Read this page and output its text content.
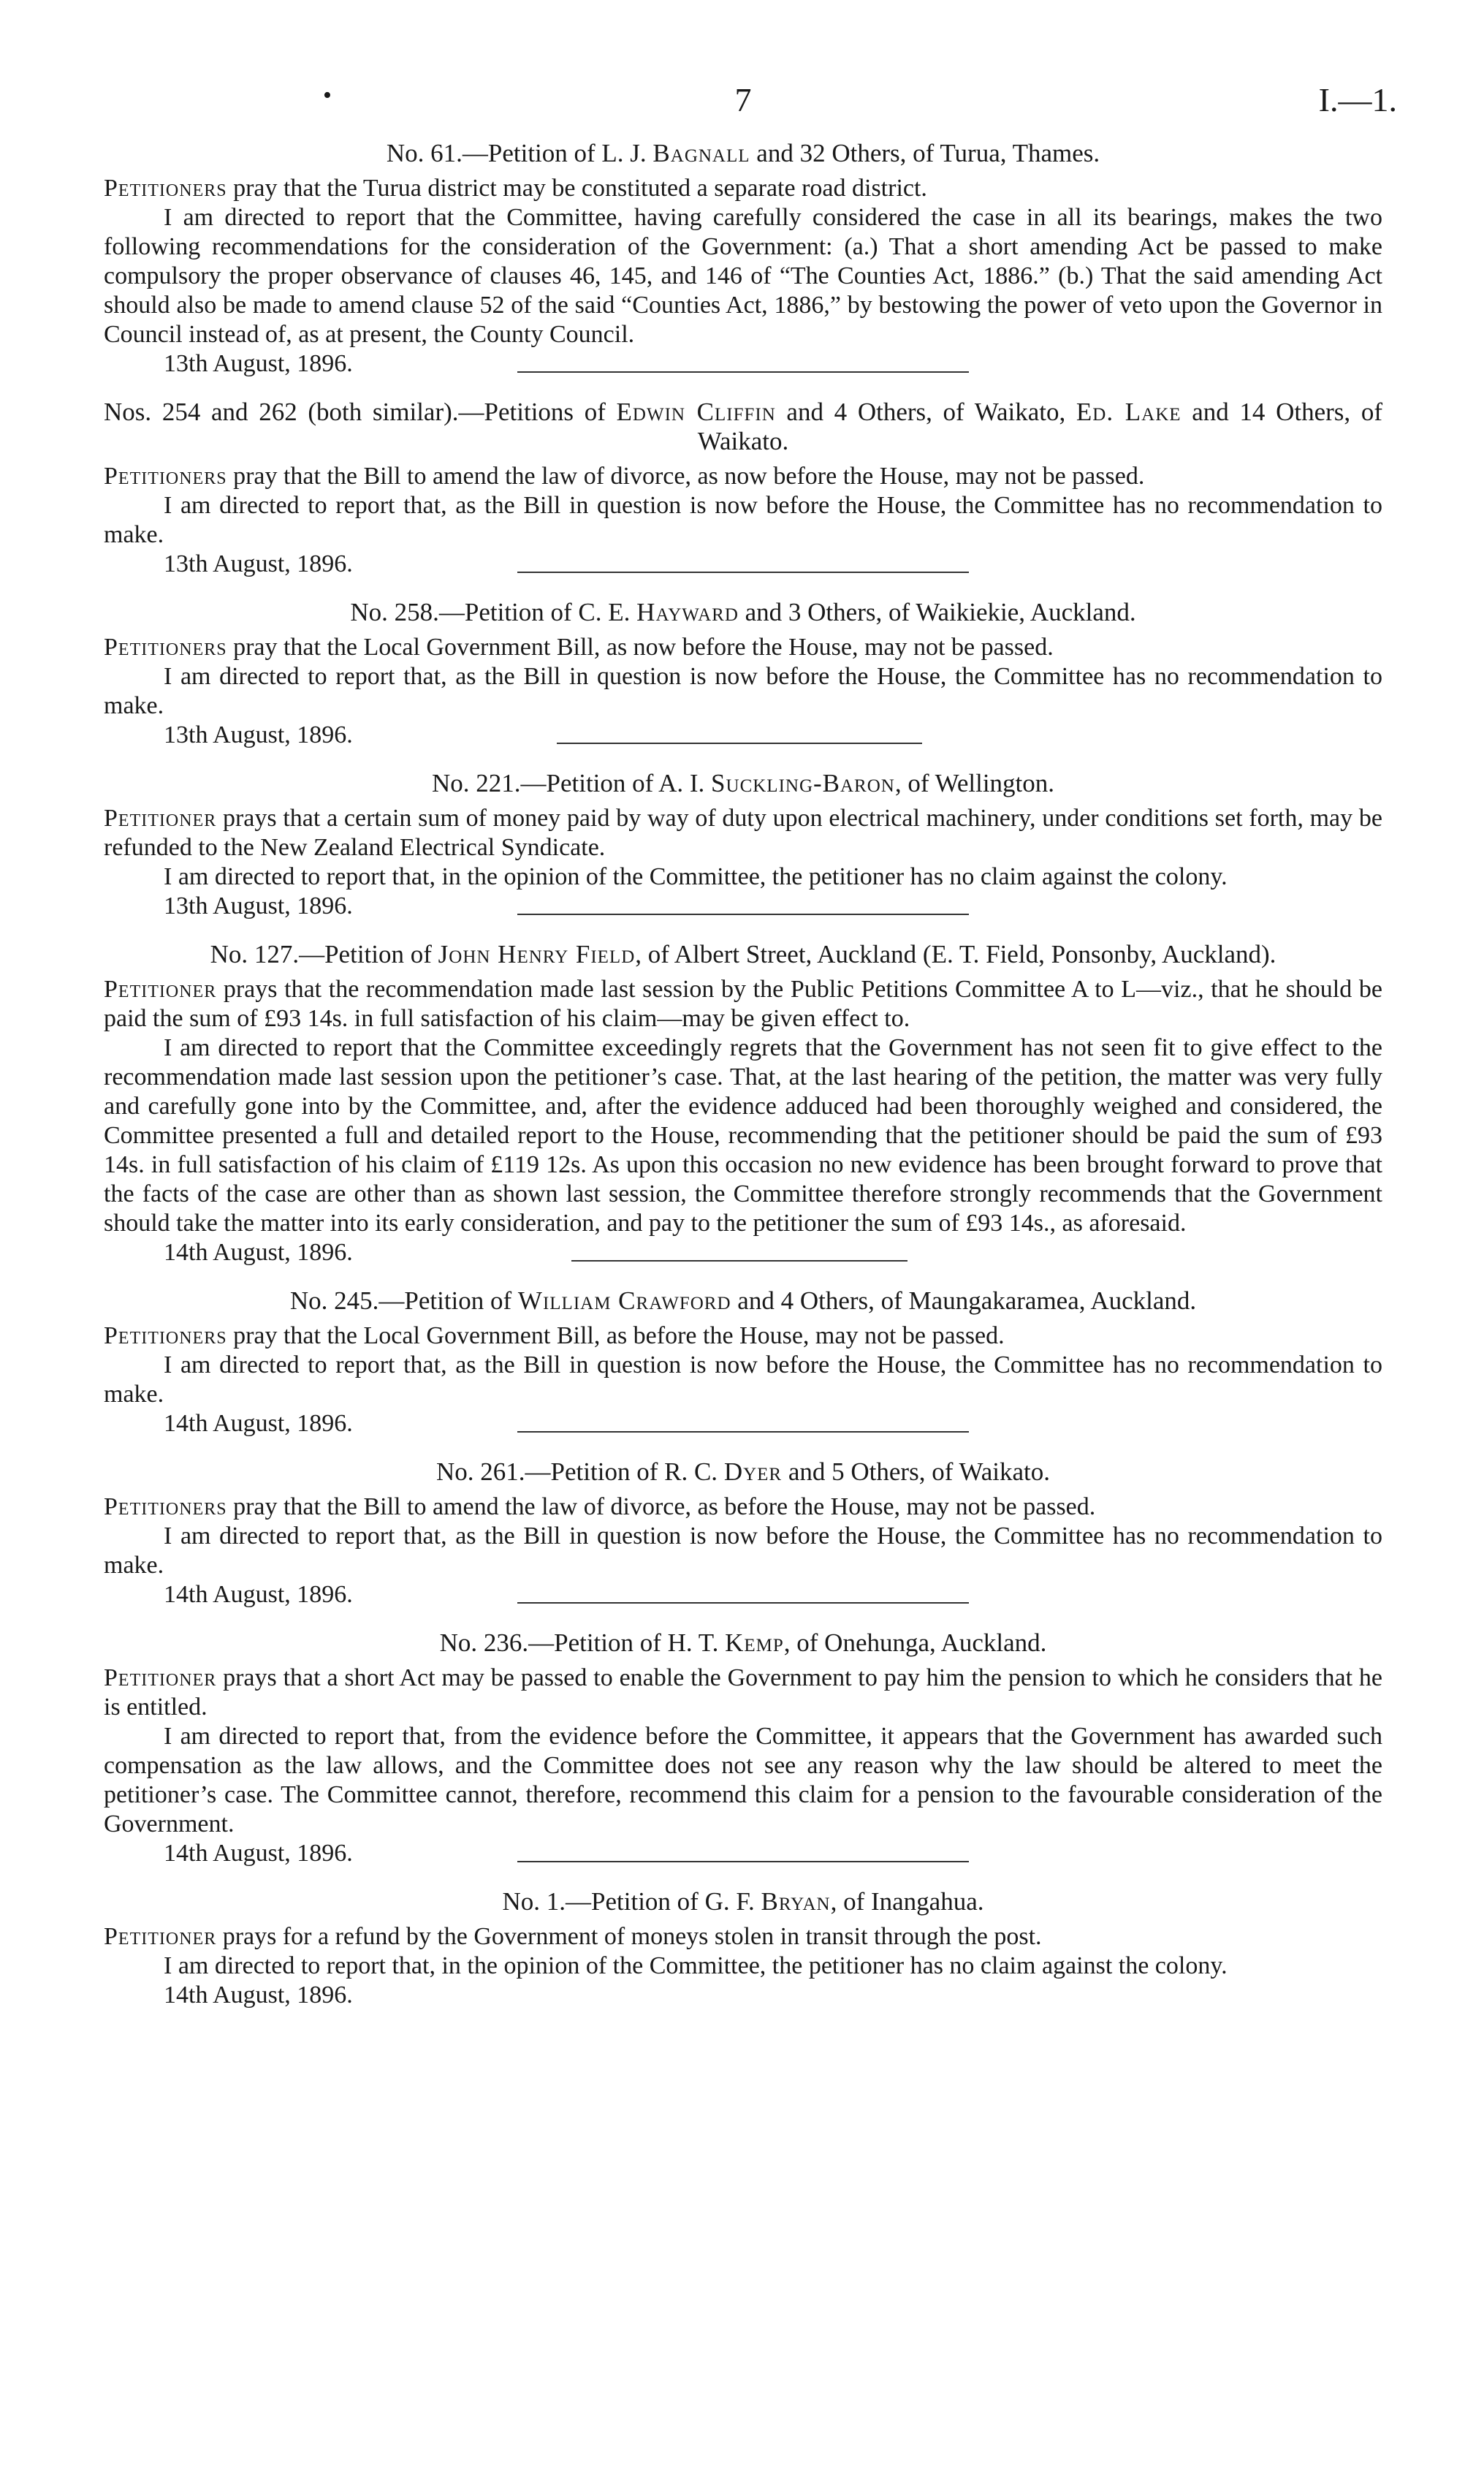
•	7	I.—1.
No. 61.—Petition of L. J. Bagnall and 32 Others, of Turua, Thames.

Petitioners pray that the Turua district may be constituted a separate road district.

I am directed to report that the Committee, having carefully considered the case in all its bearings, makes the two following recommendations for the consideration of the Government: (a.) That a short amending Act be passed to make compulsory the proper observance of clauses 46, 145, and 146 of “The Counties Act, 1886.” (b.) That the said amending Act should also be made to amend clause 52 of the said “Counties Act, 1886,” by bestowing the power of veto upon the Governor in Council instead of, as at present, the County Council.

13th August, 1896.
Nos. 254 and 262 (both similar).—Petitions of Edwin Cliffin and 4 Others, of Waikato, Ed. Lake and 14 Others, of Waikato.

Petitioners pray that the Bill to amend the law of divorce, as now before the House, may not be passed.

I am directed to report that, as the Bill in question is now before the House, the Committee has no recommendation to make.

13th August, 1896.
No. 258.—Petition of C. E. Hayward and 3 Others, of Waikiekie, Auckland.

Petitioners pray that the Local Government Bill, as now before the House, may not be passed.

I am directed to report that, as the Bill in question is now before the House, the Committee has no recommendation to make.

13th August, 1896.
No. 221.—Petition of A. I. Suckling-Baron, of Wellington.

Petitioner prays that a certain sum of money paid by way of duty upon electrical machinery, under conditions set forth, may be refunded to the New Zealand Electrical Syndicate.

I am directed to report that, in the opinion of the Committee, the petitioner has no claim against the colony.

13th August, 1896.
No. 127.—Petition of John Henry Field, of Albert Street, Auckland (E. T. Field, Ponsonby, Auckland).

Petitioner prays that the recommendation made last session by the Public Petitions Committee A to L—viz., that he should be paid the sum of £93 14s. in full satisfaction of his claim—may be given effect to.

I am directed to report that the Committee exceedingly regrets that the Government has not seen fit to give effect to the recommendation made last session upon the petitioner’s case. That, at the last hearing of the petition, the matter was very fully and carefully gone into by the Committee, and, after the evidence adduced had been thoroughly weighed and considered, the Committee presented a full and detailed report to the House, recommending that the petitioner should be paid the sum of £93 14s. in full satisfaction of his claim of £119 12s. As upon this occasion no new evidence has been brought forward to prove that the facts of the case are other than as shown last session, the Committee therefore strongly recommends that the Government should take the matter into its early consideration, and pay to the petitioner the sum of £93 14s., as aforesaid.

14th August, 1896.
No. 245.—Petition of William Crawford and 4 Others, of Maungakaramea, Auckland.

Petitioners pray that the Local Government Bill, as before the House, may not be passed.

I am directed to report that, as the Bill in question is now before the House, the Committee has no recommendation to make.

14th August, 1896.
No. 261.—Petition of R. C. Dyer and 5 Others, of Waikato.

Petitioners pray that the Bill to amend the law of divorce, as before the House, may not be passed.

I am directed to report that, as the Bill in question is now before the House, the Committee has no recommendation to make.

14th August, 1896.
No. 236.—Petition of H. T. Kemp, of Onehunga, Auckland.

Petitioner prays that a short Act may be passed to enable the Government to pay him the pension to which he considers that he is entitled.

I am directed to report that, from the evidence before the Committee, it appears that the Government has awarded such compensation as the law allows, and the Committee does not see any reason why the law should be altered to meet the petitioner’s case. The Committee cannot, therefore, recommend this claim for a pension to the favourable consideration of the Government.

14th August, 1896.
No. 1.—Petition of G. F. Bryan, of Inangahua.

Petitioner prays for a refund by the Government of moneys stolen in transit through the post.

I am directed to report that, in the opinion of the Committee, the petitioner has no claim against the colony.

14th August, 1896.
